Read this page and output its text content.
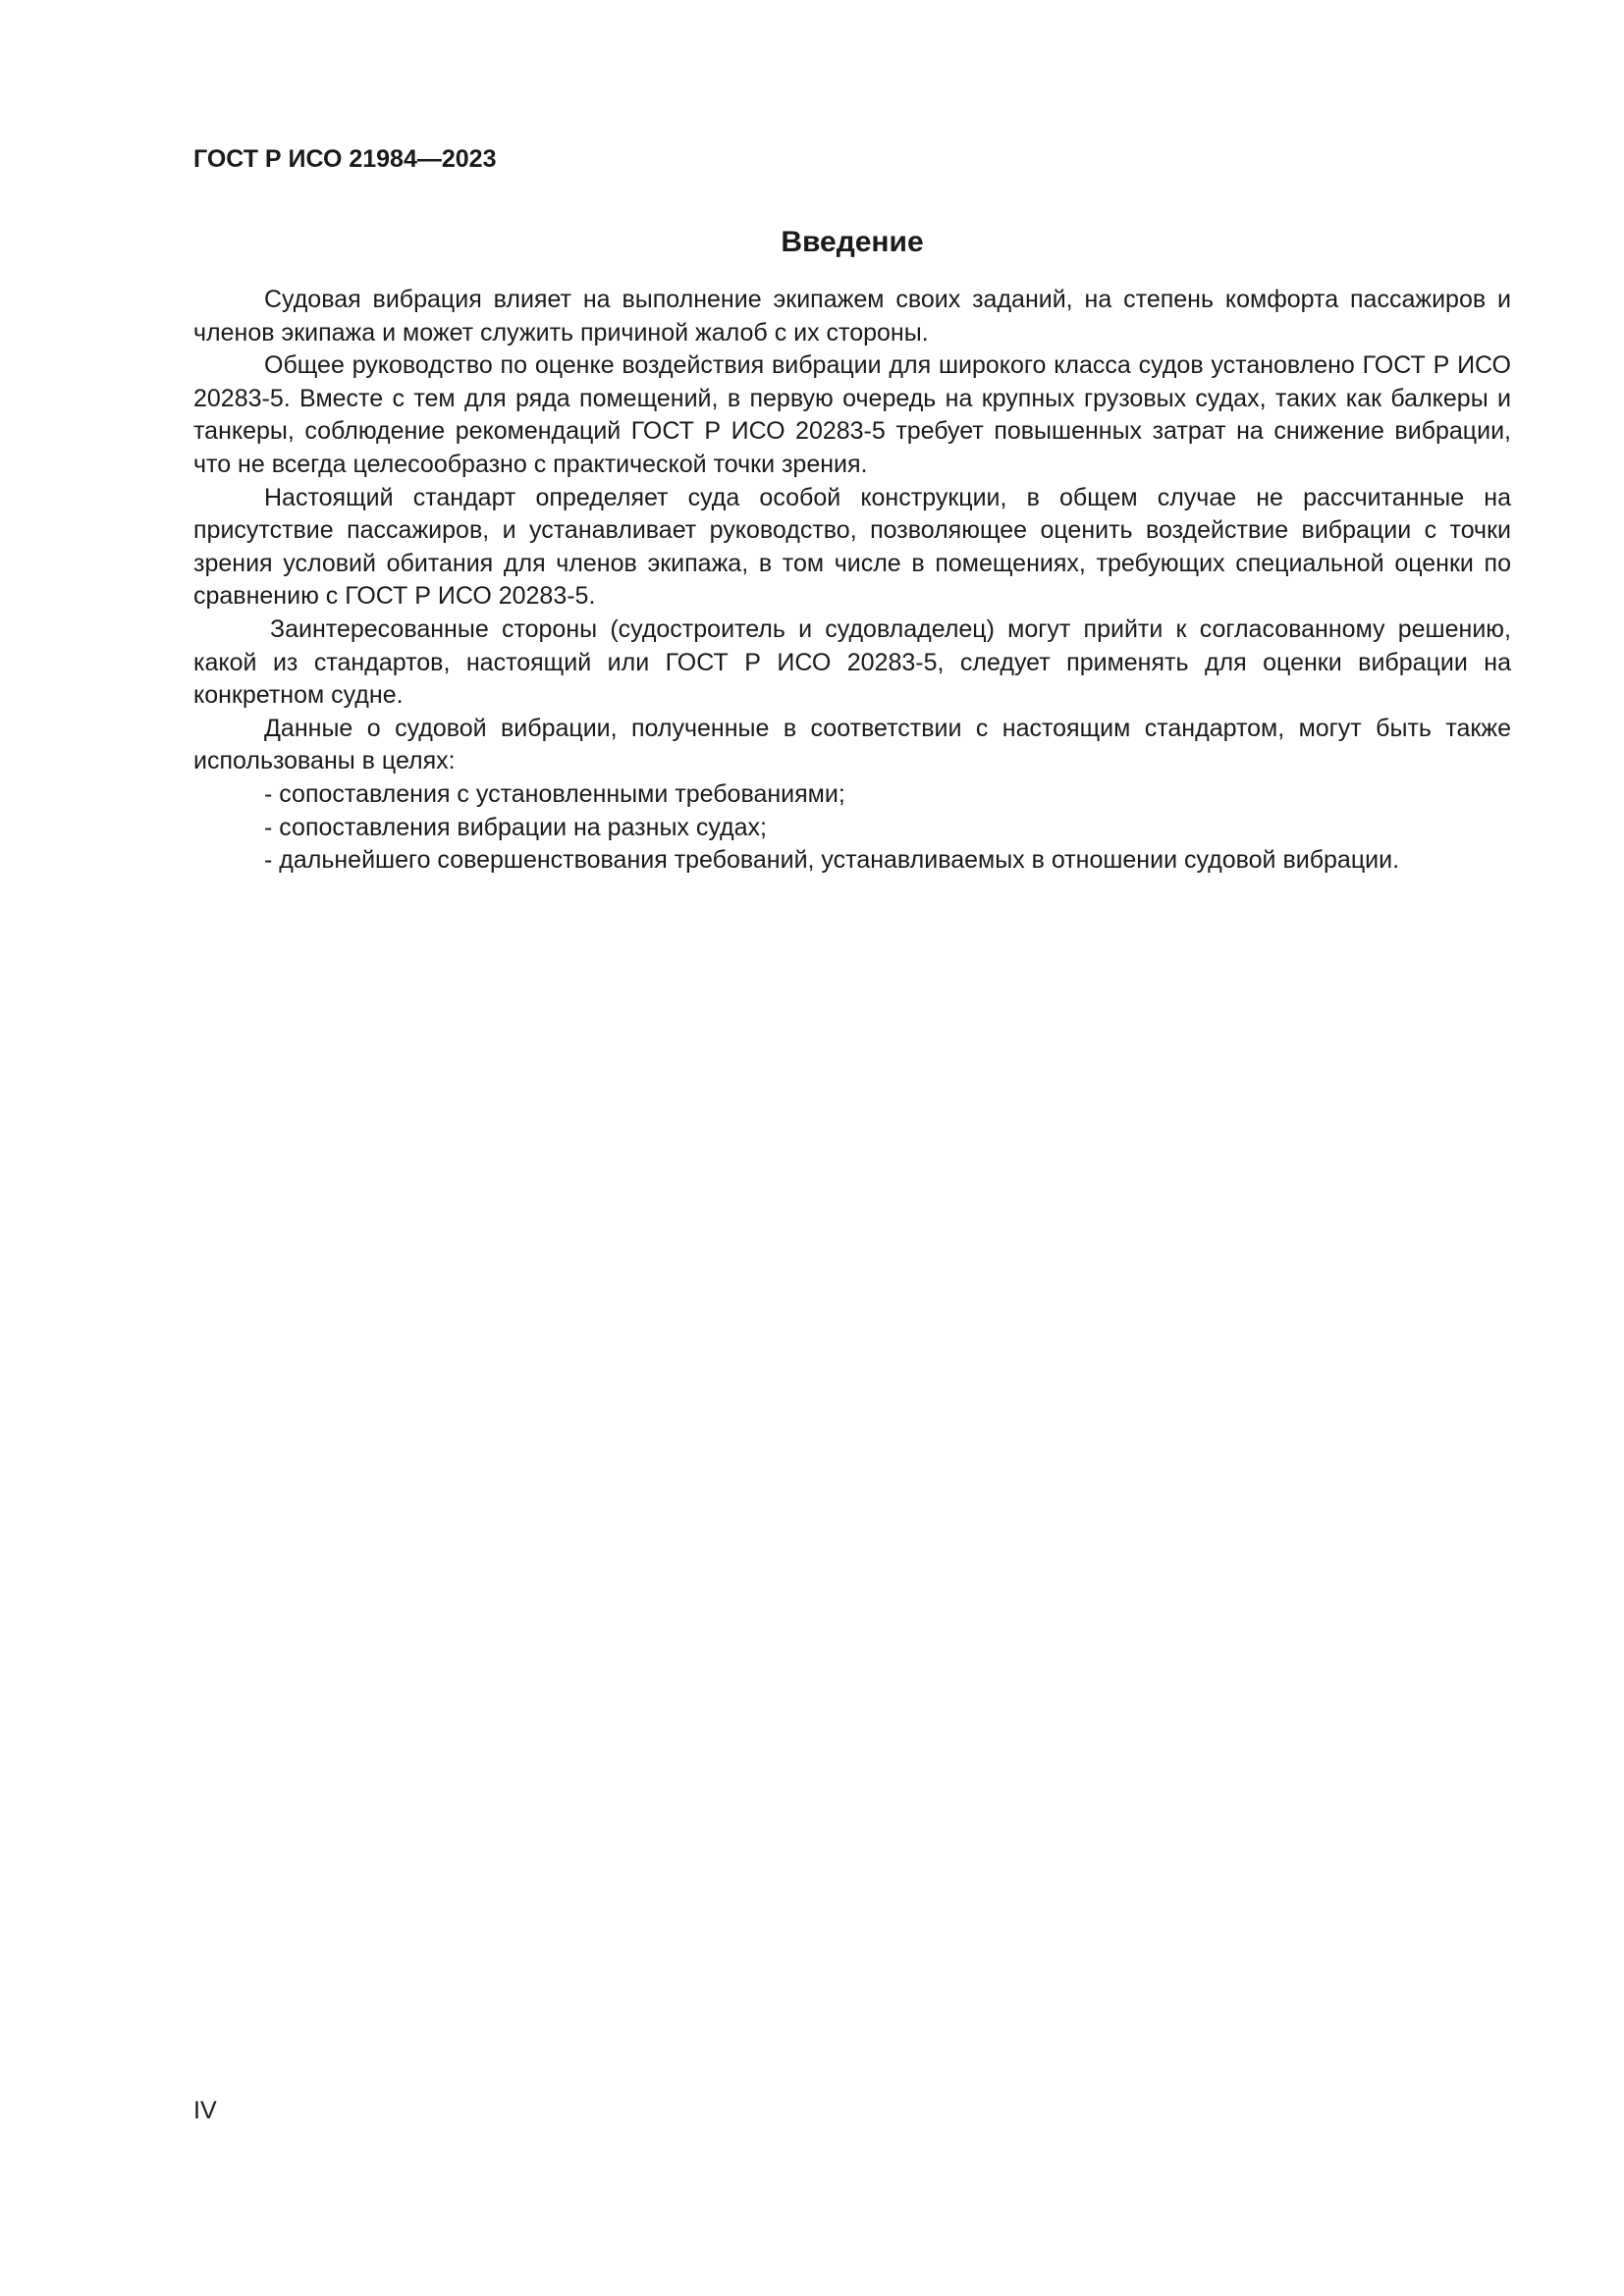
ГОСТ Р ИСО 21984—2023
Введение

Судовая вибрация влияет на выполнение экипажем своих заданий, на степень комфорта пассажиров и членов экипажа и может служить причиной жалоб с их стороны.

Общее руководство по оценке воздействия вибрации для широкого класса судов установлено ГОСТ Р ИСО 20283-5. Вместе с тем для ряда помещений, в первую очередь на крупных грузовых судах, таких как балкеры и танкеры, соблюдение рекомендаций ГОСТ Р ИСО 20283-5 требует повышенных затрат на снижение вибрации, что не всегда целесообразно с практической точки зрения.

Настоящий стандарт определяет суда особой конструкции, в общем случае не рассчитанные на присутствие пассажиров, и устанавливает руководство, позволяющее оценить воздействие вибрации с точки зрения условий обитания для членов экипажа, в том числе в помещениях, требующих специальной оценки по сравнению с ГОСТ Р ИСО 20283-5.

Заинтересованные стороны (судостроитель и судовладелец) могут прийти к согласованному решению, какой из стандартов, настоящий или ГОСТ Р ИСО 20283-5, следует применять для оценки вибрации на конкретном судне.

Данные о судовой вибрации, полученные в соответствии с настоящим стандартом, могут быть также использованы в целях:

- сопоставления с установленными требованиями;
- сопоставления вибрации на разных судах;
- дальнейшего совершенствования требований, устанавливаемых в отношении судовой вибрации.
IV
